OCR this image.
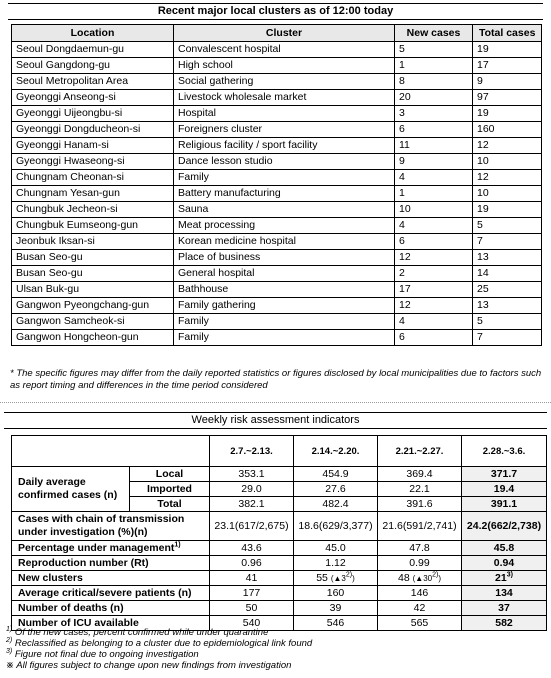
Recent major local clusters as of 12:00 today
Location	Cluster	New cases	Total cases
Seoul Dongdaemun-gu	Convalescent hospital	5	19
Seoul Gangdong-gu	High school	1	17
Seoul Metropolitan Area	Social gathering	8	9
Gyeonggi Anseong-si	Livestock wholesale market	20	97
Gyeonggi Uijeongbu-si	Hospital	3	19
Gyeonggi Dongducheon-si	Foreigners cluster	6	160
Gyeonggi Hanam-si	Religious facility / sport facility	11	12
Gyeonggi Hwaseong-si	Dance lesson studio	9	10
Chungnam Cheonan-si	Family	4	12
Chungnam Yesan-gun	Battery manufacturing	1	10
Chungbuk Jecheon-si	Sauna	10	19
Chungbuk Eumseong-gun	Meat processing	4	5
Jeonbuk Iksan-si	Korean medicine hospital	6	7
Busan Seo-gu	Place of business	12	13
Busan Seo-gu	General hospital	2	14
Ulsan Buk-gu	Bathhouse	17	25
Gangwon Pyeongchang-gun	Family gathering	12	13
Gangwon Samcheok-si	Family	4	5
Gangwon Hongcheon-gun	Family	6	7
* The specific figures may differ from the daily reported statistics or figures disclosed by local municipalities due to factors such as report timing and differences in the time period considered
Weekly risk assessment indicators
		2.7.~2.13.	2.14.~2.20.	2.21.~2.27.	2.28.~3.6.
Daily average confirmed cases (n)	Local	353.1	454.9	369.4	371.7
	Imported	29.0	27.6	22.1	19.4
	Total	382.1	482.4	391.6	391.1
Cases with chain of transmission under investigation (%)(n)		23.1(617/2,675)	18.6(629/3,377)	21.6(591/2,741)	24.2(662/2,738)
Percentage under management$^{1)}$		43.6	45.0	47.8	45.8
Reproduction number (Rt)		0.96	1.12	0.99	0.94
New clusters		41	55 (▲3$^{2)}$)	48 (▲30$^{2)}$)	21$^{3)}$
Average critical/severe patients (n)		177	160	146	134
Number of deaths (n)		50	39	42	37
Number of ICU available		540	546	565	582
$^{1)}$ Of the new cases, percent confirmed while under quarantine
$^{2)}$ Reclassified as belonging to a cluster due to epidemiological link found
$^{3)}$ Figure not final due to ongoing investigation
※ All figures subject to change upon new findings from investigation
